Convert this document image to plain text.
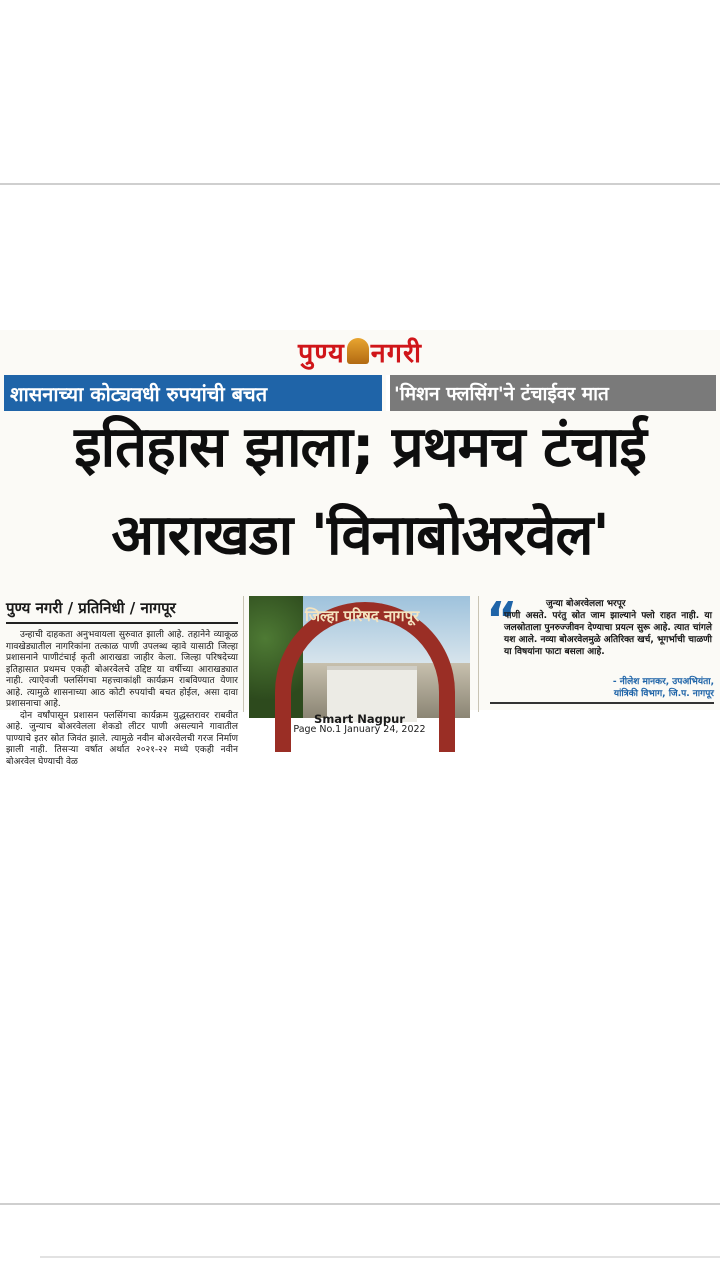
पुण्य नगरी
शासनाच्या कोट्यवधी रुपयांची बचत	'मिशन फ्लसिंग'ने टंचाईवर मात
इतिहास झाला; प्रथमच टंचाई
आराखडा 'विनाबोअरवेल'
पुण्य नगरी / प्रतिनिधी / नागपूर

उन्हाची दाहकता अनुभवायला सुरुवात झाली आहे. तहानेने व्याकूळ गावखेड्यातील नागरिकांना तत्काळ पाणी उपलब्ध व्हावे यासाठी जिल्हा प्रशासनाने पाणीटंचाई कृती आराखडा जाहीर केला. जिल्हा परिषदेच्या इतिहासात प्रथमच एकही बोअरवेलचे उद्दिष्ट या वर्षीच्या आराखड्यात नाही. त्याऐवजी फ्लसिंगचा महत्त्वाकांक्षी कार्यक्रम राबविण्यात येणार आहे. त्यामुळे शासनाच्या आठ कोटी रुपयांची बचत होईल, असा दावा प्रशासनाचा आहे.

दोन वर्षांपासून प्रशासन फ्लसिंगचा कार्यक्रम युद्धस्तरावर राबवीत आहे. जुन्याच बोअरवेलला शेकडो लीटर पाणी असल्याने गावातील पाण्याचे इतर स्रोत जिवंत झाले. त्यामुळे नवीन बोअरवेलची गरज निर्माण झाली नाही. तिसऱ्या वर्षात अर्थात २०२१-२२ मध्ये एकही नवीन बोअरवेल घेण्याची वेळ

जिल्हा परिषद नागपूर “	जुन्या बोअरवेलला भरपूर
पाणी असते. परंतु स्रोत जाम झाल्याने फ्लो राहत नाही. या जलस्रोताला पुनरुज्जीवन देण्याचा प्रयत्न सुरू आहे. त्यात चांगले यश आले. नव्या बोअरवेलमुळे अतिरिक्त खर्च, भूगर्भाची चाळणी या विषयांना फाटा बसला आहे.
- नीलेश मानकर, उपअभियंता,
यांत्रिकी विभाग, जि.प. नागपूर
Smart Nagpur
Page No.1 January 24, 2022
